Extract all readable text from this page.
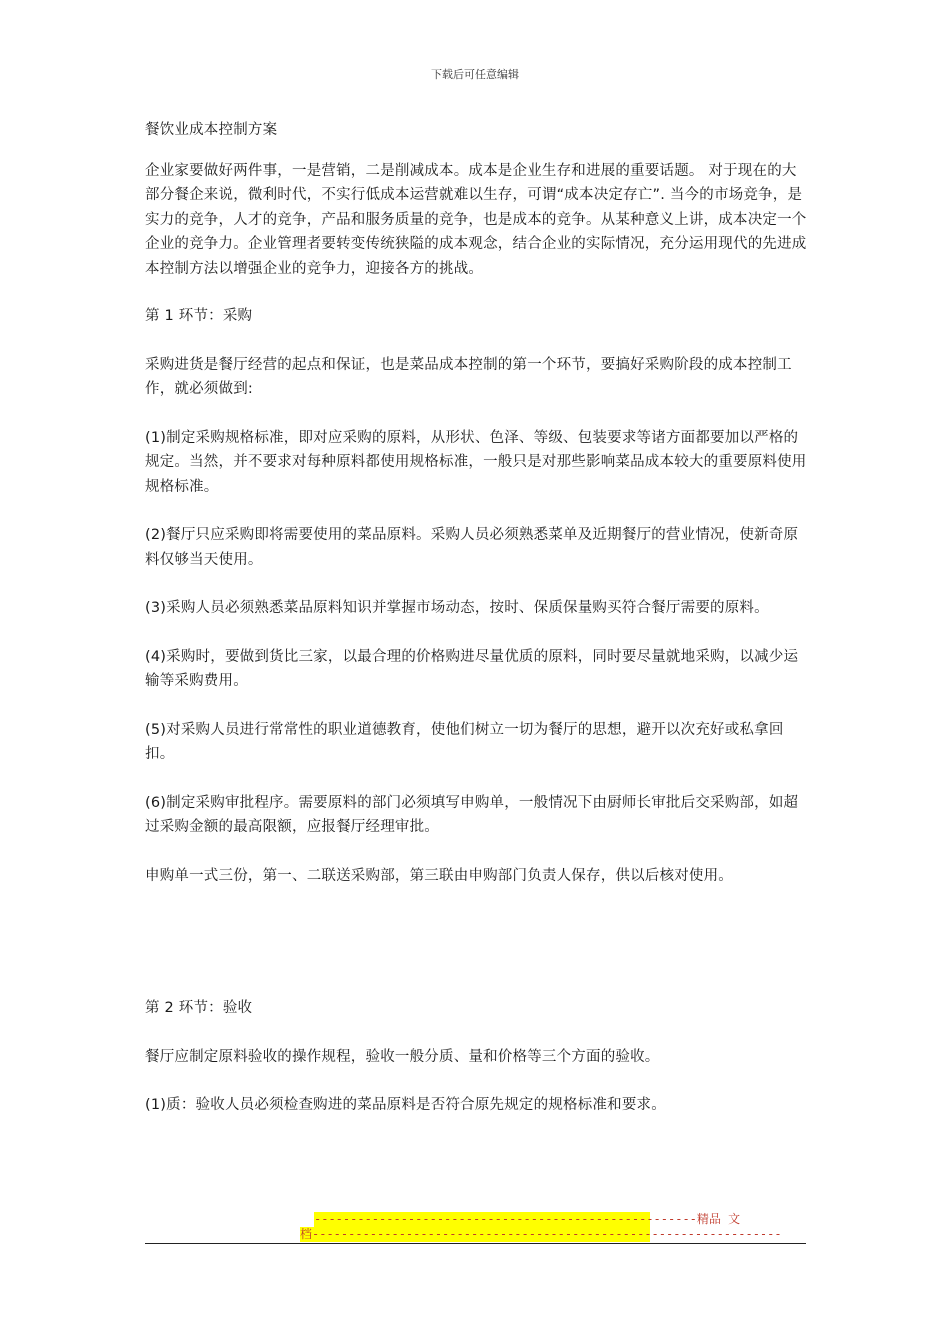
下载后可任意编辑

餐饮业成本控制方案

企业家要做好两件事，一是营销，二是削减成本。成本是企业生存和进展的重要话题。 对于现在的大部分餐企来说，微利时代，不实行低成本运营就难以生存，可谓“成本决定存亡”. 当今的市场竞争，是实力的竞争，人才的竞争，产品和服务质量的竞争，也是成本的竞争。从某种意义上讲，成本决定一个企业的竞争力。企业管理者要转变传统狭隘的成本观念，结合企业的实际情况，充分运用现代的先进成本控制方法以增强企业的竞争力，迎接各方的挑战。

第 1 环节：采购

采购进货是餐厅经营的起点和保证，也是菜品成本控制的第一个环节，要搞好采购阶段的成本控制工作，就必须做到:

(1)制定采购规格标准，即对应采购的原料，从形状、色泽、等级、包装要求等诸方面都要加以严格的规定。当然，并不要求对每种原料都使用规格标准，一般只是对那些影响菜品成本较大的重要原料使用规格标准。

(2)餐厅只应采购即将需要使用的菜品原料。采购人员必须熟悉菜单及近期餐厅的营业情况，使新奇原料仅够当天使用。

(3)采购人员必须熟悉菜品原料知识并掌握市场动态，按时、保质保量购买符合餐厅需要的原料。

(4)采购时，要做到货比三家，以最合理的价格购进尽量优质的原料，同时要尽量就地采购，以减少运输等采购费用。

(5)对采购人员进行常常性的职业道德教育，使他们树立一切为餐厅的思想，避开以次充好或私拿回扣。

(6)制定采购审批程序。需要原料的部门必须填写申购单，一般情况下由厨师长审批后交采购部，如超过采购金额的最高限额，应报餐厅经理审批。

申购单一式三份，第一、二联送采购部，第三联由申购部门负责人保存，供以后核对使用。

第 2 环节：验收

餐厅应制定原料验收的操作规程，验收一般分质、量和价格等三个方面的验收。

(1)质：验收人员必须检查购进的菜品原料是否符合原先规定的规格标准和要求。

-----------------------------------------------------精品 文
档-----------------------------------------------------------------
